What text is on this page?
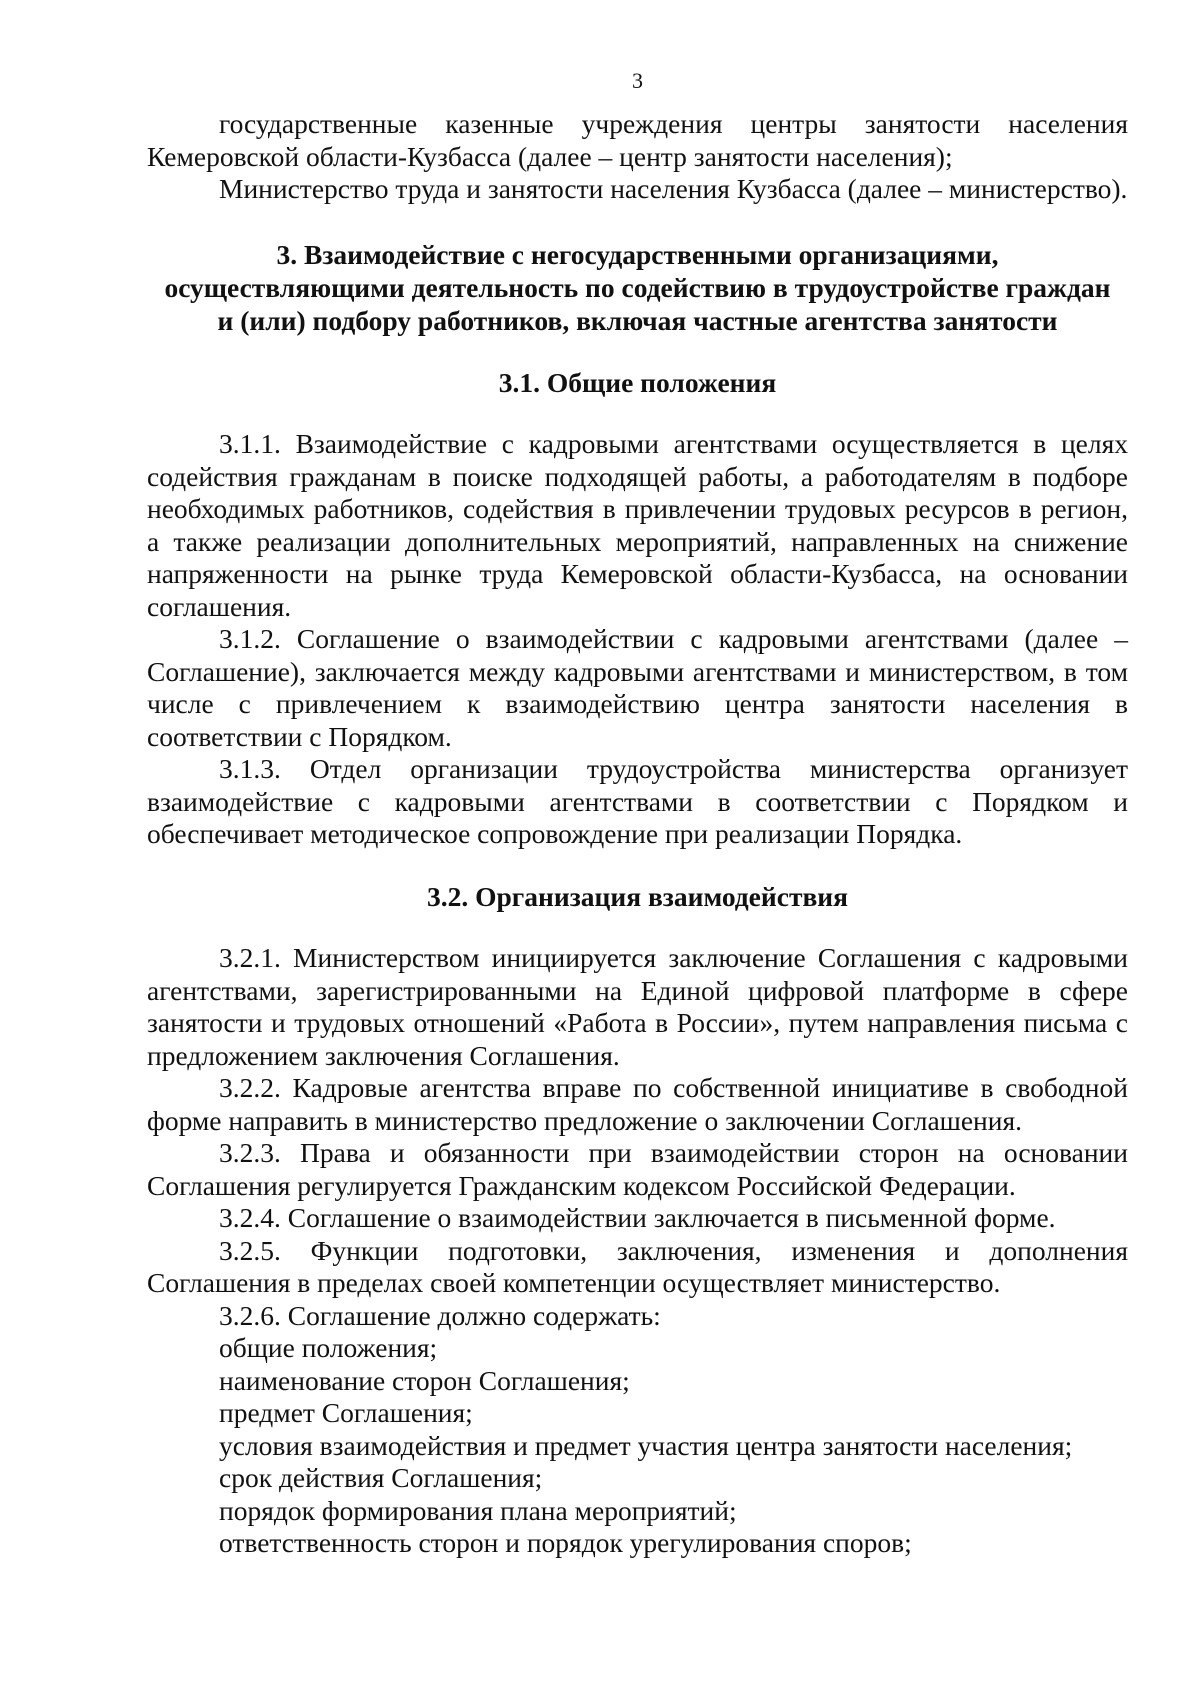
3

государственные казенные учреждения центры занятости населения Кемеровской области-Кузбасса (далее – центр занятости населения);

Министерство труда и занятости населения Кузбасса (далее – министерство).

3. Взаимодействие с негосударственными организациями,
осуществляющими деятельность по содействию в трудоустройстве граждан
и (или) подбору работников, включая частные агентства занятости
3.1. Общие положения

3.1.1. Взаимодействие с кадровыми агентствами осуществляется в целях содействия гражданам в поиске подходящей работы, а работодателям в подборе необходимых работников, содействия в привлечении трудовых ресурсов в регион, а также реализации дополнительных мероприятий, направленных на снижение напряженности на рынке труда Кемеровской области-Кузбасса, на основании соглашения.

3.1.2. Соглашение о взаимодействии с кадровыми агентствами (далее – Соглашение), заключается между кадровыми агентствами и министерством, в том числе с привлечением к взаимодействию центра занятости населения в соответствии с Порядком.

3.1.3. Отдел организации трудоустройства министерства организует взаимодействие с кадровыми агентствами в соответствии с Порядком и обеспечивает методическое сопровождение при реализации Порядка.

3.2. Организация взаимодействия

3.2.1. Министерством инициируется заключение Соглашения с кадровыми агентствами, зарегистрированными на Единой цифровой платформе в сфере занятости и трудовых отношений «Работа в России», путем направления письма с предложением заключения Соглашения.

3.2.2. Кадровые агентства вправе по собственной инициативе в свободной форме направить в министерство предложение о заключении Соглашения.

3.2.3. Права и обязанности при взаимодействии сторон на основании Соглашения регулируется Гражданским кодексом Российской Федерации.

3.2.4. Соглашение о взаимодействии заключается в письменной форме.

3.2.5. Функции подготовки, заключения, изменения и дополнения Соглашения в пределах своей компетенции осуществляет министерство.

3.2.6. Соглашение должно содержать:

общие положения;

наименование сторон Соглашения;

предмет Соглашения;

условия взаимодействия и предмет участия центра занятости населения;

срок действия Соглашения;

порядок формирования плана мероприятий;

ответственность сторон и порядок урегулирования споров;
